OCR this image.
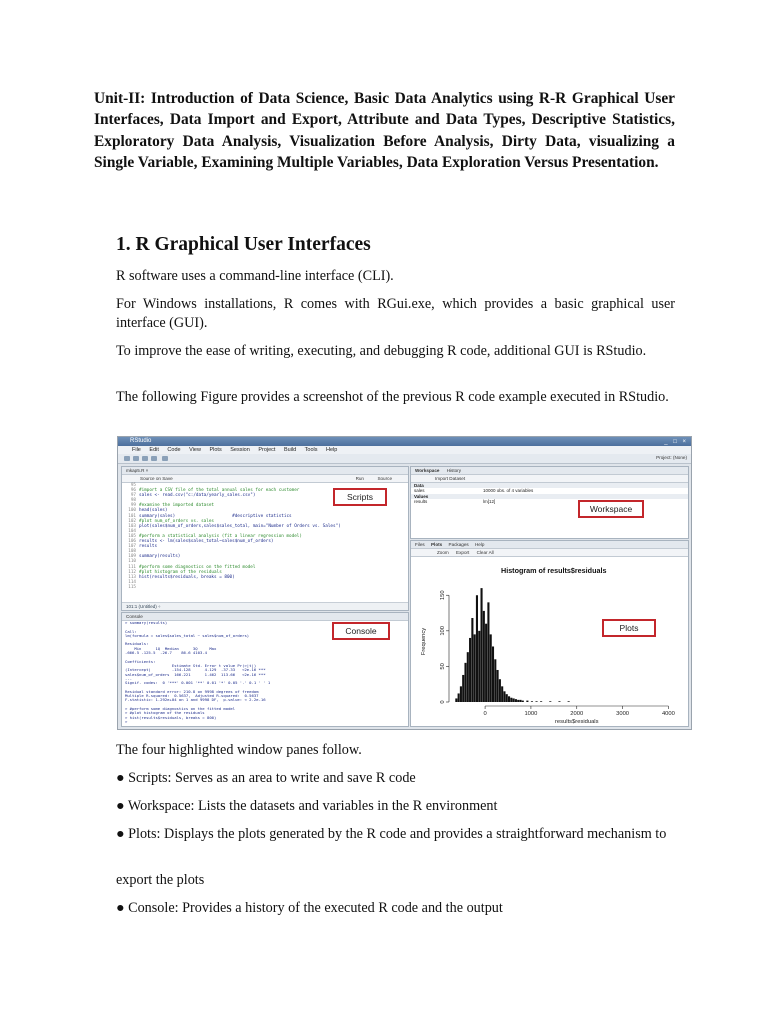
Unit-II: Introduction of Data Science, Basic Data Analytics using R-R Graphical User Interfaces, Data Import and Export, Attribute and Data Types, Descriptive Statistics, Exploratory Data Analysis, Visualization Before Analysis, Dirty Data, visualizing a Single Variable, Examining Multiple Variables, Data Exploration Versus Presentation.

1. R Graphical User Interfaces

R software uses a command-line interface (CLI).

For Windows installations, R comes with RGui.exe, which provides a basic graphical user interface (GUI).

To improve the ease of writing, executing, and debugging R code, additional GUI is RStudio.

The following Figure provides a screenshot of the previous R code example executed in RStudio.

RStudio	_ □ ×
File Edit Code View Plots Session Project Build Tools Help
Project: (None)
mkap5.R ×
Source on Save	Run	Source
95
96 #import a CSV file of the total annual sales for each customer
97 sales <- read.csv("c:/data/yearly_sales.csv")
98
99 #examine the imported dataset
100 head(sales)
101 summary(sales)                      #descriptive statistics
102 #plot num_of_orders vs. sales
103 plot(sales$num_of_orders,sales$sales_total, main="Number of Orders vs. Sales")
104
105 #perform a statistical analysis (fit a linear regression model)
106 results <- lm(sales$sales_total~sales$num_of_orders)
107 results
108
109 summary(results)
110
111 #perform some diagnostics on the fitted model
112 #plot histogram of the residuals
113 hist(results$residuals, breaks = 800)
114
115
101:1 (Untitled) ÷
Console
> summary(results)

Call:
lm(formula = sales$sales_total ~ sales$num_of_orders)

Residuals:
Min      1Q  Median      3Q     Max
-666.5 -125.5  -26.7    86.6 4103.4

Coefficients:
Estimate Std. Error t value Pr(>|t|)
(Intercept)         -154.128      4.129  -37.33   <2e-16 ***
sales$num_of_orders  166.221      1.462  113.66   <2e-16 ***
---
Signif. codes:  0 '***' 0.001 '**' 0.01 '*' 0.05 '.' 0.1 ' ' 1

Residual standard error: 210.8 on 9998 degrees of freedom
Multiple R-squared:  0.5637,  Adjusted R-squared:  0.5637
F-statistic: 1.292e+04 on 1 and 9998 DF,  p-value: < 2.2e-16

> #perform some diagnostics on the fitted model
> #plot histogram of the residuals
> hist(results$residuals, breaks = 800)
>
Workspace History
Import Dataset
Data
sales	10000 obs. of 4 variables
Values
results	lm[12]
Files Plots Packages Help
Zoom Export Clear All
Histogram of results$residuals
0	1000	2000	3000	4000
0
50
100
150
results$residuals
Frequency
Scripts
Workspace
Plots
Console

The four highlighted window panes follow.

● Scripts: Serves as an area to write and save R code

● Workspace: Lists the datasets and variables in the R environment

● Plots: Displays the plots generated by the R code and provides a straightforward mechanism to

export the plots

● Console: Provides a history of the executed R code and the output
